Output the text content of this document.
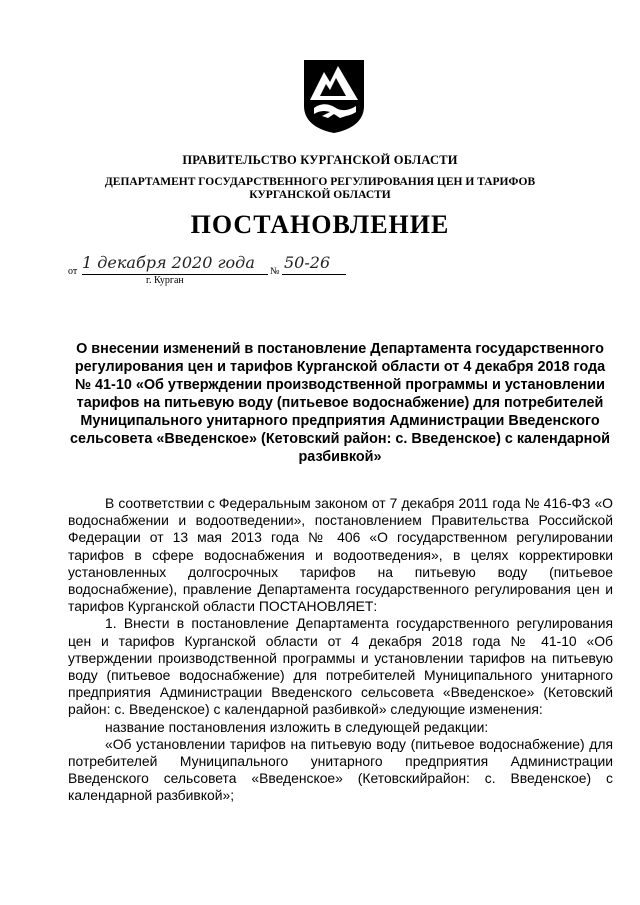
ПРАВИТЕЛЬСТВО КУРГАНСКОЙ ОБЛАСТИ
ДЕПАРТАМЕНТ ГОСУДАРСТВЕННОГО РЕГУЛИРОВАНИЯ ЦЕН И ТАРИФОВ
КУРГАНСКОЙ ОБЛАСТИ
ПОСТАНОВЛЕНИЕ
от 1 декабря 2020 года № 50-26
г. Курган
О внесении изменений в постановление Департамента государственного регулирования цен и тарифов Курганской области от 4 декабря 2018 года № 41-10 «Об утверждении производственной программы и установлении тарифов на питьевую воду (питьевое водоснабжение) для потребителей Муниципального унитарного предприятия Администрации Введенского сельсовета «Введенское» (Кетовский район: с. Введенское) с календарной разбивкой»

В соответствии с Федеральным законом от 7 декабря 2011 года № 416-ФЗ «О водоснабжении и водоотведении», постановлением Правительства Российской Федерации от 13 мая 2013 года № 406 «О государственном регулировании тарифов в сфере водоснабжения и водоотведения», в целях корректировки установленных долгосрочных тарифов на питьевую воду (питьевое водоснабжение), правление Департамента государственного регулирования цен и тарифов Курганской области ПОСТАНОВЛЯЕТ:

1. Внести в постановление Департамента государственного регулирования цен и тарифов Курганской области от 4 декабря 2018 года № 41-10 «Об утверждении производственной программы и установлении тарифов на питьевую воду (питьевое водоснабжение) для потребителей Муниципального унитарного предприятия Администрации Введенского сельсовета «Введенское» (Кетовский район: с. Введенское) с календарной разбивкой» следующие изменения:

название постановления изложить в следующей редакции:

«Об установлении тарифов на питьевую воду (питьевое водоснабжение) для потребителей Муниципального унитарного предприятия Администрации Введенского сельсовета «Введенское» (Кетовскийрайон: с. Введенское) с календарной разбивкой»;
